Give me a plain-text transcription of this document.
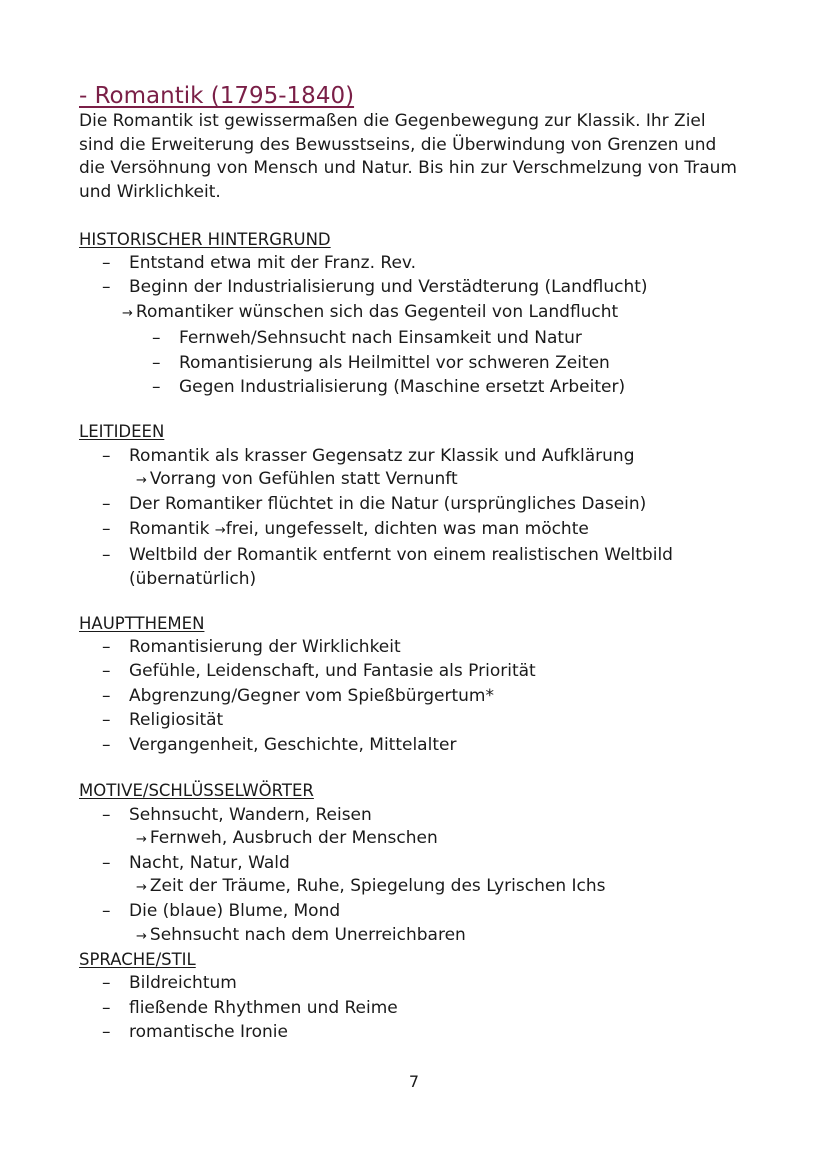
- Romantik (1795-1840)
Die Romantik ist gewissermaßen die Gegenbewegung zur Klassik. Ihr Ziel
sind die Erweiterung des Bewusstseins, die Überwindung von Grenzen und
die Versöhnung von Mensch und Natur. Bis hin zur Verschmelzung von Traum
und Wirklichkeit.
HISTORISCHER HINTERGRUND
– Entstand etwa mit der Franz. Rev.
– Beginn der Industrialisierung und Verstädterung (Landflucht)
→ Romantiker wünschen sich das Gegenteil von Landflucht
– Fernweh/Sehnsucht nach Einsamkeit und Natur
– Romantisierung als Heilmittel vor schweren Zeiten
– Gegen Industrialisierung (Maschine ersetzt Arbeiter)
LEITIDEEN
– Romantik als krasser Gegensatz zur Klassik und Aufklärung
→ Vorrang von Gefühlen statt Vernunft
– Der Romantiker flüchtet in die Natur (ursprüngliches Dasein)
– Romantik →frei, ungefesselt, dichten was man möchte
– Weltbild der Romantik entfernt von einem realistischen Weltbild
(übernatürlich)
HAUPTTHEMEN
– Romantisierung der Wirklichkeit
– Gefühle, Leidenschaft, und Fantasie als Priorität
– Abgrenzung/Gegner vom Spießbürgertum*
– Religiosität
– Vergangenheit, Geschichte, Mittelalter
MOTIVE/SCHLÜSSELWÖRTER
– Sehnsucht, Wandern, Reisen
→ Fernweh, Ausbruch der Menschen
– Nacht, Natur, Wald
→ Zeit der Träume, Ruhe, Spiegelung des Lyrischen Ichs
– Die (blaue) Blume, Mond
→ Sehnsucht nach dem Unerreichbaren
SPRACHE/STIL
– Bildreichtum
– fließende Rhythmen und Reime
– romantische Ironie
7
